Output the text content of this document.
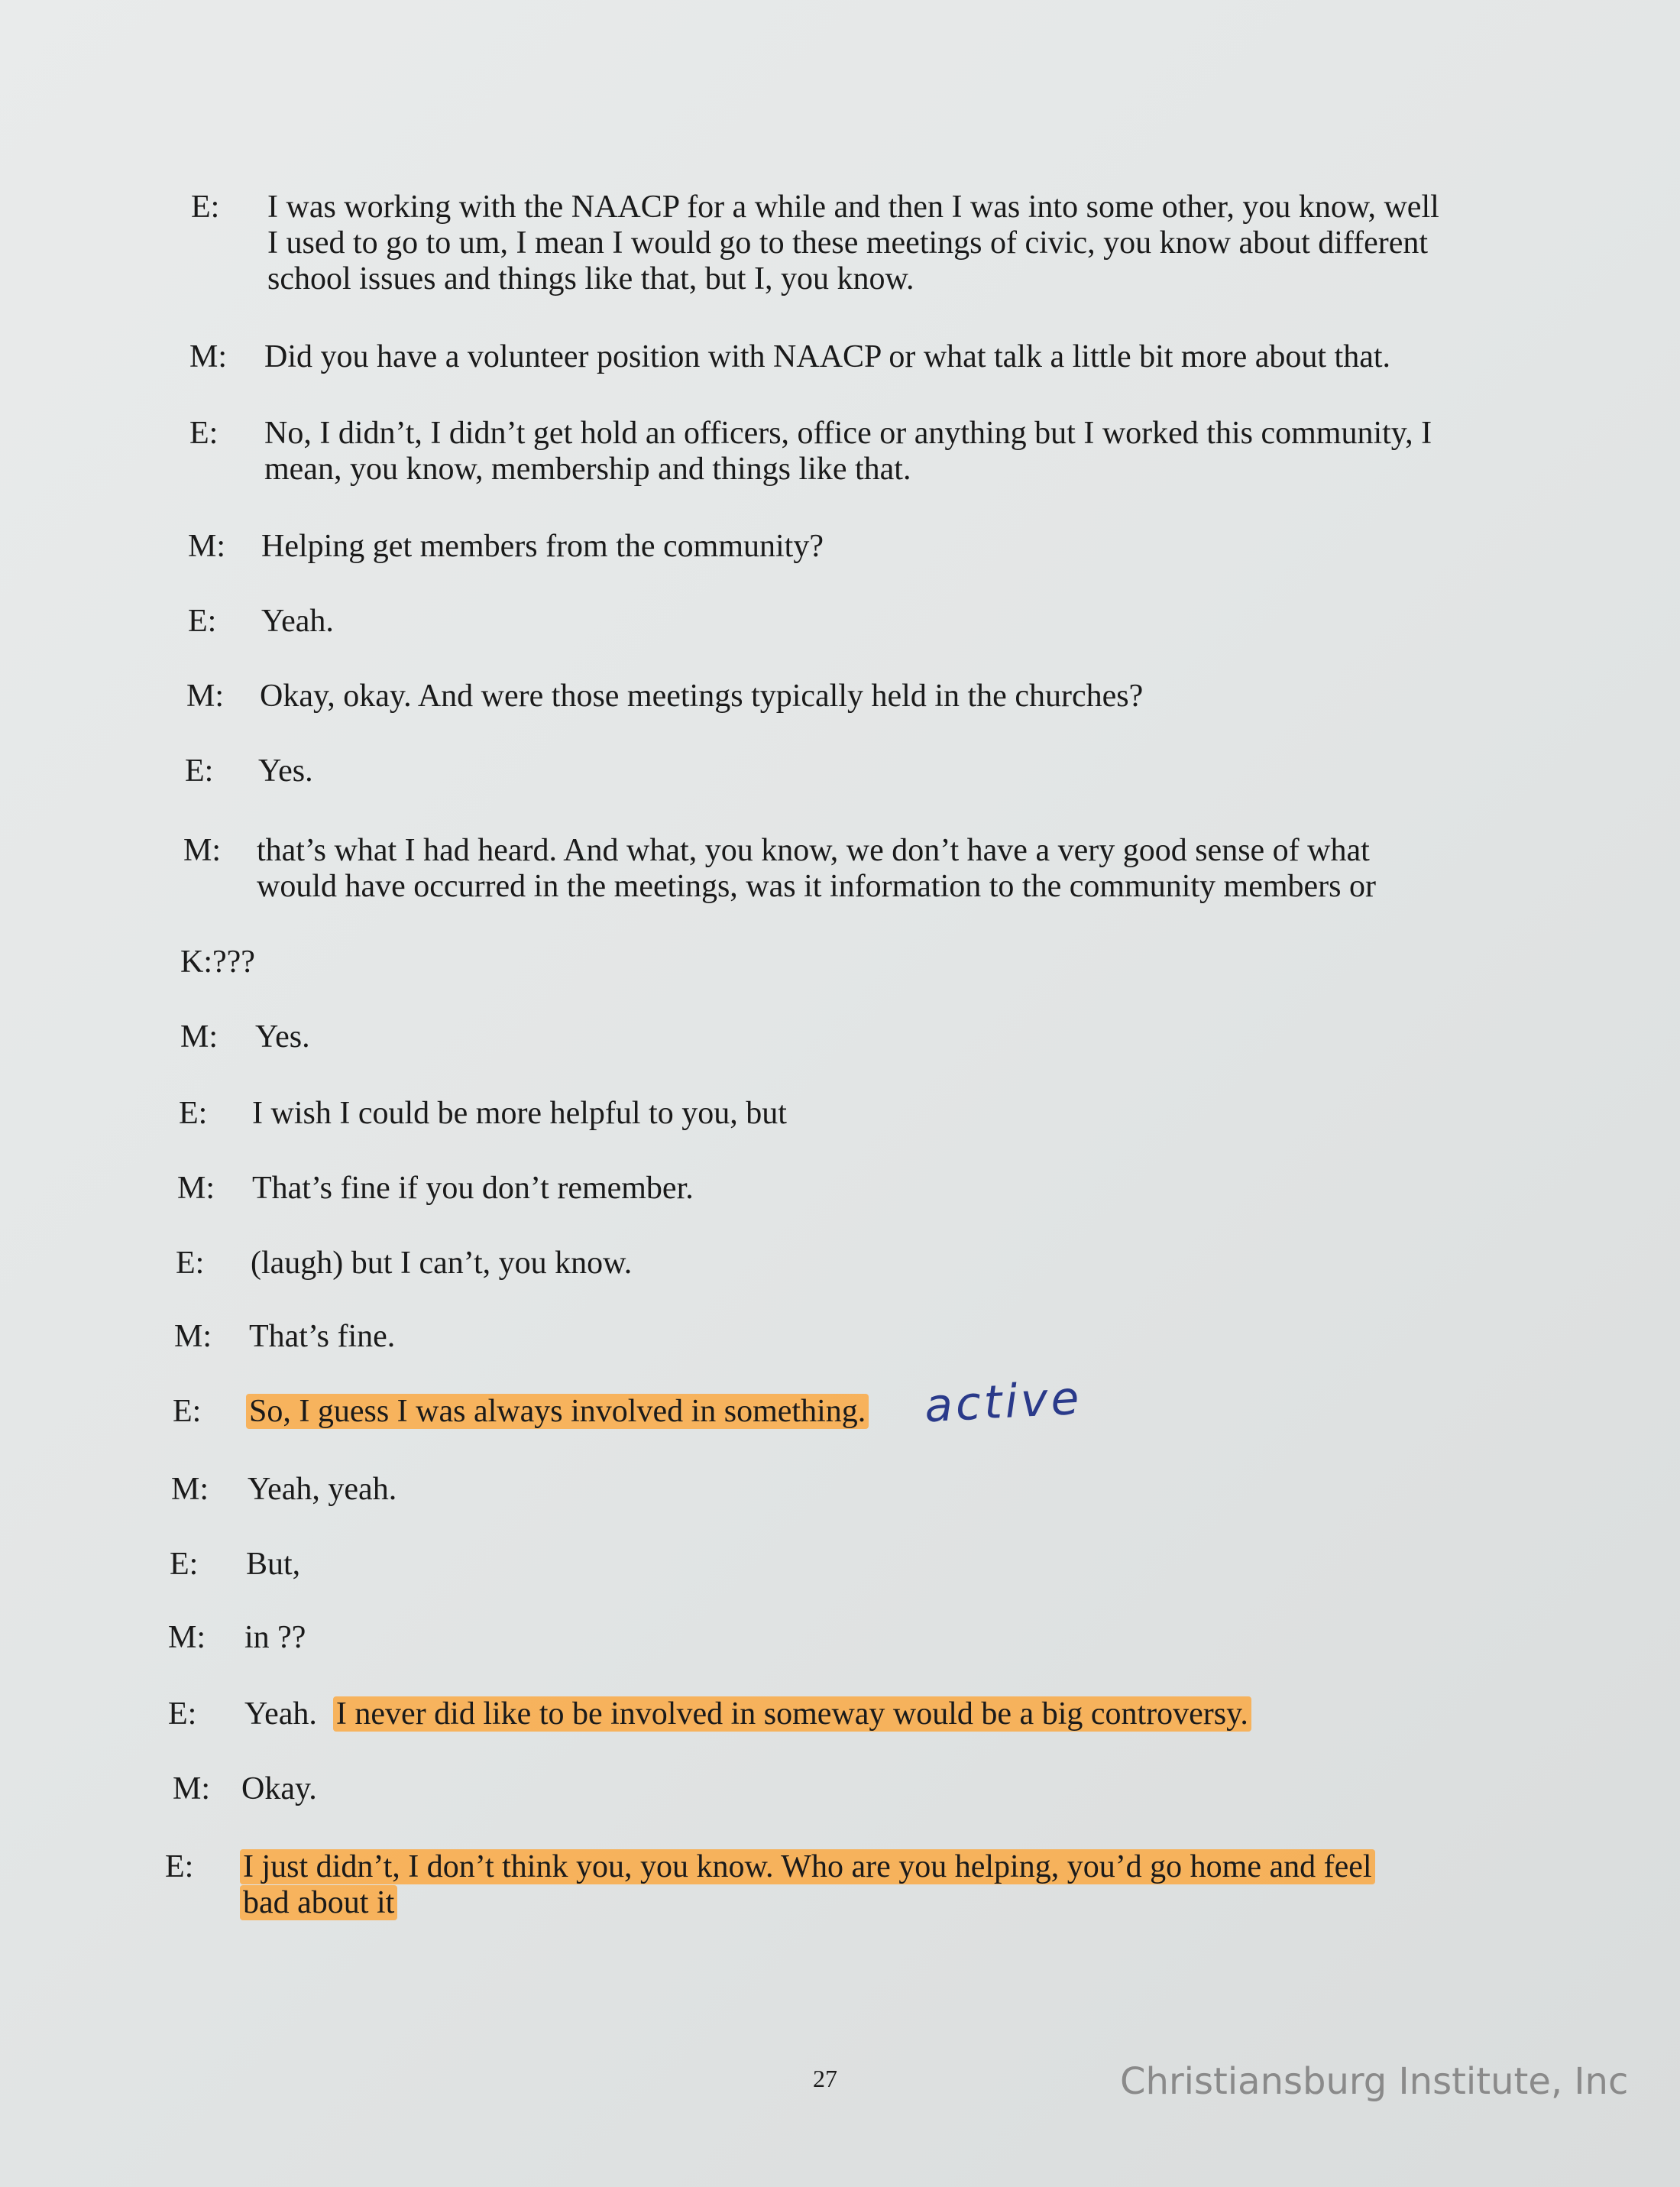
E: I was working with the NAACP for a while and then I was into some other, you know, well
I used to go to um, I mean I would go to these meetings of civic, you know about different
school issues and things like that, but I, you know.
M: Did you have a volunteer position with NAACP or what talk a little bit more about that.
E: No, I didn’t, I didn’t get hold an officers, office or anything but I worked this community, I
mean, you know, membership and things like that.
M: Helping get members from the community?
E: Yeah.
M: Okay, okay. And were those meetings typically held in the churches?
E: Yes.
M: that’s what I had heard. And what, you know, we don’t have a very good sense of what
would have occurred in the meetings, was it information to the community members or
K:???
M: Yes.
E: I wish I could be more helpful to you, but
M: That’s fine if you don’t remember.
E: (laugh) but I can’t, you know.
M: That’s fine.
E: So, I guess I was always involved in something. active
M: Yeah, yeah.
E: But,
M: in ??
E: Yeah.  I never did like to be involved in someway would be a big controversy.
M: Okay.
E: I just didn’t, I don’t think you, you know. Who are you helping, you’d go home and feel
bad about it
27	Christiansburg Institute, Inc
